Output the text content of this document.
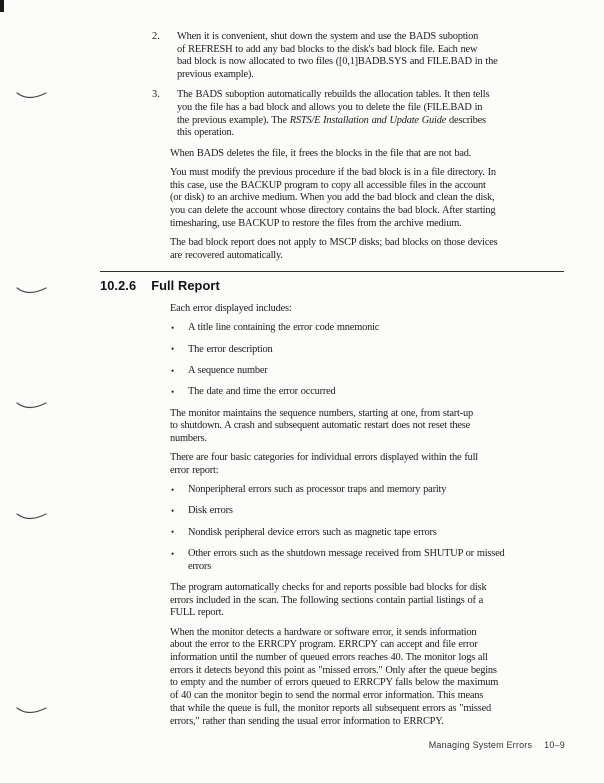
2. When it is convenient, shut down the system and use the BADS suboption
of REFRESH to add any bad blocks to the disk's bad block file. Each new
bad block is now allocated to two files ([0,1]BADB.SYS and FILE.BAD in the
previous example).
3. The BADS suboption automatically rebuilds the allocation tables. It then tells
you the file has a bad block and allows you to delete the file (FILE.BAD in
the previous example). The RSTS/E Installation and Update Guide describes
this operation.
When BADS deletes the file, it frees the blocks in the file that are not bad.
You must modify the previous procedure if the bad block is in a file directory. In
this case, use the BACKUP program to copy all accessible files in the account
(or disk) to an archive medium. When you add the bad block and clean the disk,
you can delete the account whose directory contains the bad block. After starting
timesharing, use BACKUP to restore the files from the archive medium.
The bad block report does not apply to MSCP disks; bad blocks on those devices
are recovered automatically.
10.2.6 Full Report
Each error displayed includes:
• A title line containing the error code mnemonic
• The error description
• A sequence number
• The date and time the error occurred
The monitor maintains the sequence numbers, starting at one, from start-up
to shutdown. A crash and subsequent automatic restart does not reset these
numbers.
There are four basic categories for individual errors displayed within the full
error report:
• Nonperipheral errors such as processor traps and memory parity
• Disk errors
• Nondisk peripheral device errors such as magnetic tape errors
• Other errors such as the shutdown message received from SHUTUP or missed
errors
The program automatically checks for and reports possible bad blocks for disk
errors included in the scan. The following sections contain partial listings of a
FULL report.
When the monitor detects a hardware or software error, it sends information
about the error to the ERRCPY program. ERRCPY can accept and file error
information until the number of queued errors reaches 40. The monitor logs all
errors it detects beyond this point as "missed errors." Only after the queue begins
to empty and the number of errors queued to ERRCPY falls below the maximum
of 40 can the monitor begin to send the normal error information. This means
that while the queue is full, the monitor reports all subsequent errors as "missed
errors," rather than sending the usual error information to ERRCPY.
Managing System Errors 10–9
